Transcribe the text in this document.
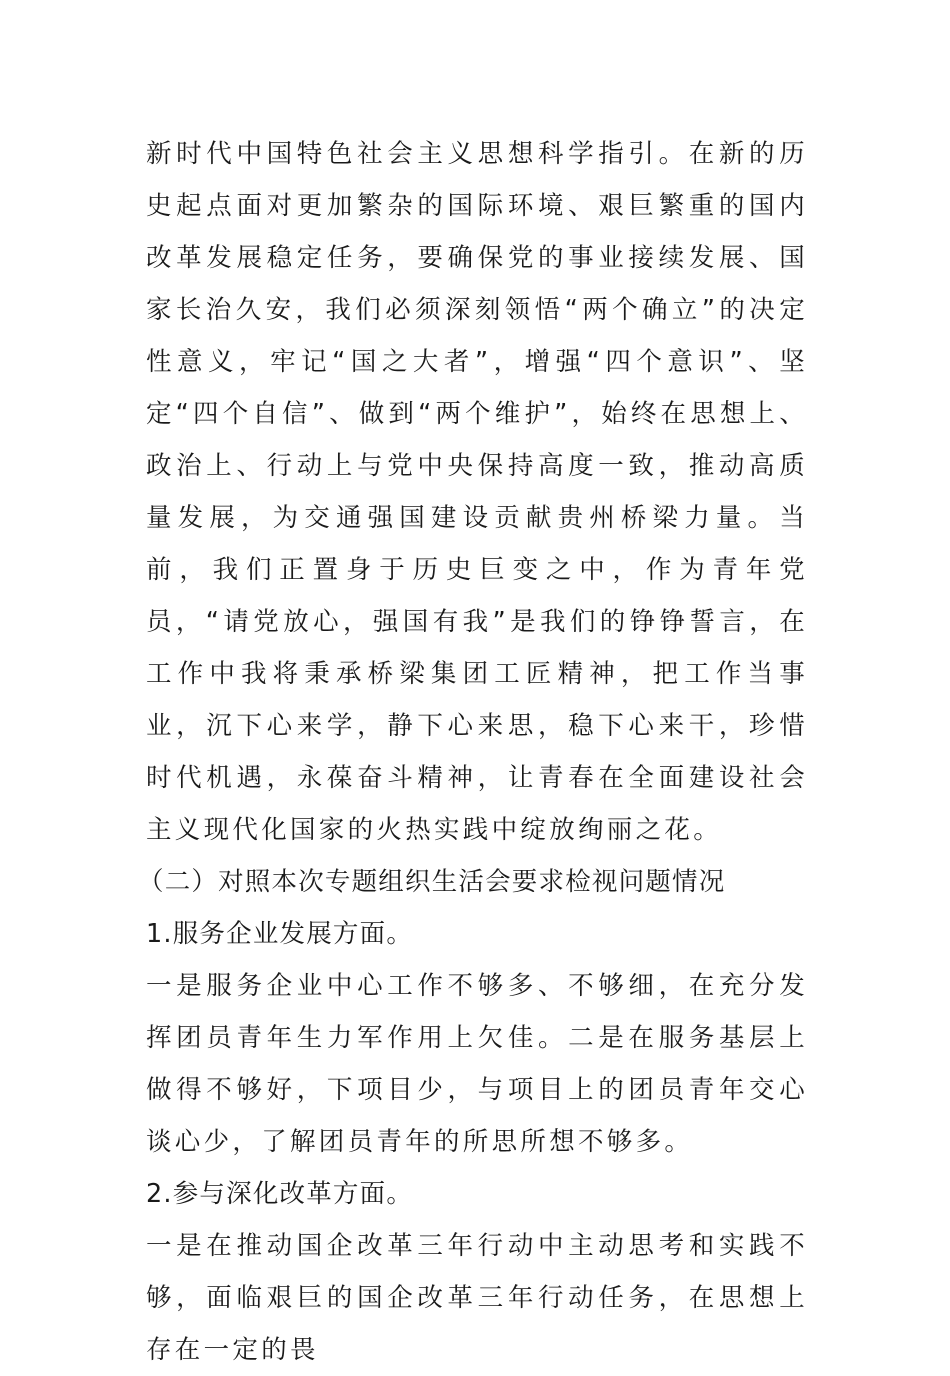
新时代中国特色社会主义思想科学指引。在新的历史起点面对更加繁杂的国际环境、艰巨繁重的国内改革发展稳定任务，要确保党的事业接续发展、国家长治久安，我们必须深刻领悟“两个确立”的决定性意义，牢记“国之大者”，增强“四个意识”、坚定“四个自信”、做到“两个维护”，始终在思想上、政治上、行动上与党中央保持高度一致，推动高质量发展，为交通强国建设贡献贵州桥梁力量。当前，我们正置身于历史巨变之中，作为青年党员，“请党放心，强国有我”是我们的铮铮誓言，在工作中我将秉承桥梁集团工匠精神，把工作当事业，沉下心来学，静下心来思，稳下心来干，珍惜时代机遇，永葆奋斗精神，让青春在全面建设社会主义现代化国家的火热实践中绽放绚丽之花。

（二）对照本次专题组织生活会要求检视问题情况

1.服务企业发展方面。

一是服务企业中心工作不够多、不够细，在充分发挥团员青年生力军作用上欠佳。二是在服务基层上做得不够好，下项目少，与项目上的团员青年交心谈心少，了解团员青年的所思所想不够多。

2.参与深化改革方面。

一是在推动国企改革三年行动中主动思考和实践不够，面临艰巨的国企改革三年行动任务，在思想上存在一定的畏
